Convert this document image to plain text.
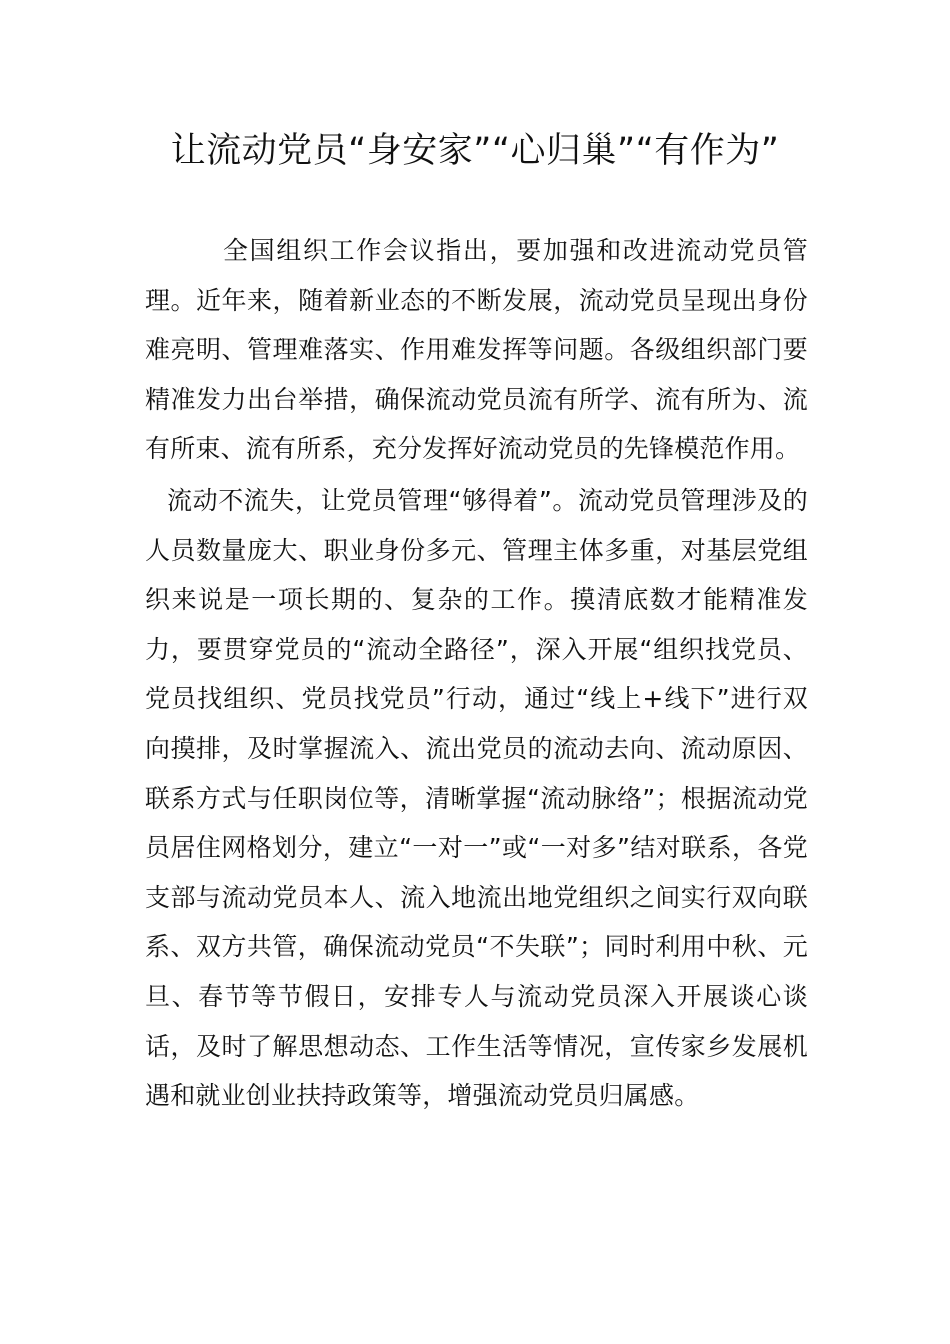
让流动党员“身安家”“心归巢”“有作为”

全国组织工作会议指出，要加强和改进流动党员管理。近年来，随着新业态的不断发展，流动党员呈现出身份难亮明、管理难落实、作用难发挥等问题。各级组织部门要精准发力出台举措，确保流动党员流有所学、流有所为、流有所束、流有所系，充分发挥好流动党员的先锋模范作用。

流动不流失，让党员管理“够得着”。流动党员管理涉及的人员数量庞大、职业身份多元、管理主体多重，对基层党组织来说是一项长期的、复杂的工作。摸清底数才能精准发力，要贯穿党员的“流动全路径”，深入开展“组织找党员、党员找组织、党员找党员”行动，通过“线上+线下”进行双向摸排，及时掌握流入、流出党员的流动去向、流动原因、联系方式与任职岗位等，清晰掌握“流动脉络”；根据流动党员居住网格划分，建立“一对一”或“一对多”结对联系，各党支部与流动党员本人、流入地流出地党组织之间实行双向联系、双方共管，确保流动党员“不失联”；同时利用中秋、元旦、春节等节假日，安排专人与流动党员深入开展谈心谈话，及时了解思想动态、工作生活等情况，宣传家乡发展机遇和就业创业扶持政策等，增强流动党员归属感。
